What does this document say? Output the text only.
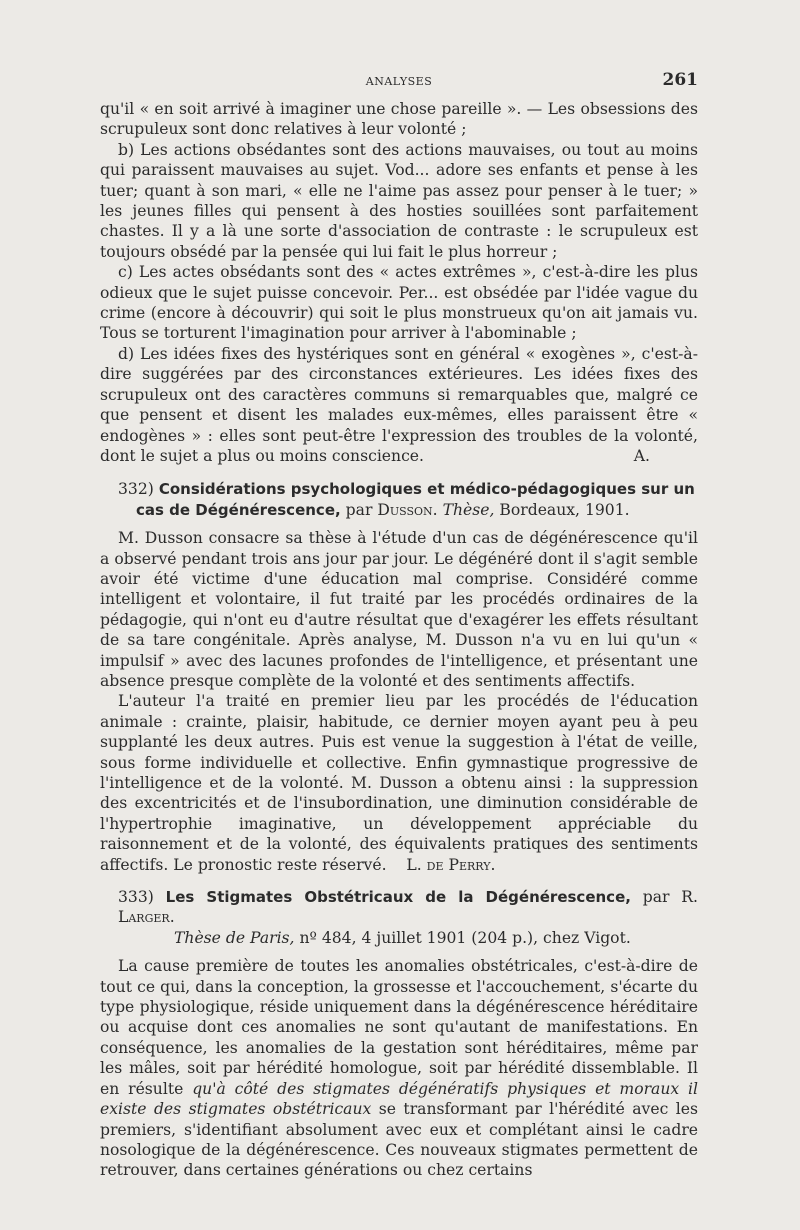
ANALYSES	261

qu'il « en soit arrivé à imaginer une chose pareille ». — Les obsessions des scrupuleux sont donc relatives à leur volonté ;

b) Les actions obsédantes sont des actions mauvaises, ou tout au moins qui paraissent mauvaises au sujet. Vod... adore ses enfants et pense à les tuer; quant à son mari, « elle ne l'aime pas assez pour penser à le tuer; » les jeunes filles qui pensent à des hosties souillées sont parfaitement chastes. Il y a là une sorte d'association de contraste : le scrupuleux est toujours obsédé par la pensée qui lui fait le plus horreur ;

c) Les actes obsédants sont des « actes extrêmes », c'est-à-dire les plus odieux que le sujet puisse concevoir. Per... est obsédée par l'idée vague du crime (encore à découvrir) qui soit le plus monstrueux qu'on ait jamais vu. Tous se torturent l'imagination pour arriver à l'abominable ;

d) Les idées fixes des hystériques sont en général « exogènes », c'est-à-dire suggérées par des circonstances extérieures. Les idées fixes des scrupuleux ont des caractères communs si remarquables que, malgré ce que pensent et disent les malades eux-mêmes, elles paraissent être « endogènes » : elles sont peut-être l'expression des troubles de la volonté, dont le sujet a plus ou moins conscience.	A.

332) Considérations psychologiques et médico-pédagogiques sur un
cas de Dégénérescence, par Dusson. Thèse, Bordeaux, 1901.

M. Dusson consacre sa thèse à l'étude d'un cas de dégénérescence qu'il a observé pendant trois ans jour par jour. Le dégénéré dont il s'agit semble avoir été victime d'une éducation mal comprise. Considéré comme intelligent et volontaire, il fut traité par les procédés ordinaires de la pédagogie, qui n'ont eu d'autre résultat que d'exagérer les effets résultant de sa tare congénitale. Après analyse, M. Dusson n'a vu en lui qu'un « impulsif » avec des lacunes profondes de l'intelligence, et présentant une absence presque complète de la volonté et des sentiments affectifs.

L'auteur l'a traité en premier lieu par les procédés de l'éducation animale : crainte, plaisir, habitude, ce dernier moyen ayant peu à peu supplanté les deux autres. Puis est venue la suggestion à l'état de veille, sous forme individuelle et collective. Enfin gymnastique progressive de l'intelligence et de la volonté. M. Dusson a obtenu ainsi : la suppression des excentricités et de l'insubordination, une diminution considérable de l'hypertrophie imaginative, un développement appréciable du raisonnement et de la volonté, des équivalents pratiques des sentiments affectifs. Le pronostic reste réservé. L. de Perry.

333) Les Stigmates Obstétricaux de la Dégénérescence, par R. Larger.
Thèse de Paris, nº 484, 4 juillet 1901 (204 p.), chez Vigot.

La cause première de toutes les anomalies obstétricales, c'est-à-dire de tout ce qui, dans la conception, la grossesse et l'accouchement, s'écarte du type physiologique, réside uniquement dans la dégénérescence héréditaire ou acquise dont ces anomalies ne sont qu'autant de manifestations. En conséquence, les anomalies de la gestation sont héréditaires, même par les mâles, soit par hérédité homologue, soit par hérédité dissemblable. Il en résulte qu'à côté des stigmates dégénératifs physiques et moraux il existe des stigmates obstétricaux se transformant par l'hérédité avec les premiers, s'identifiant absolument avec eux et complétant ainsi le cadre nosologique de la dégénérescence. Ces nouveaux stigmates permettent de retrouver, dans certaines générations ou chez certains
